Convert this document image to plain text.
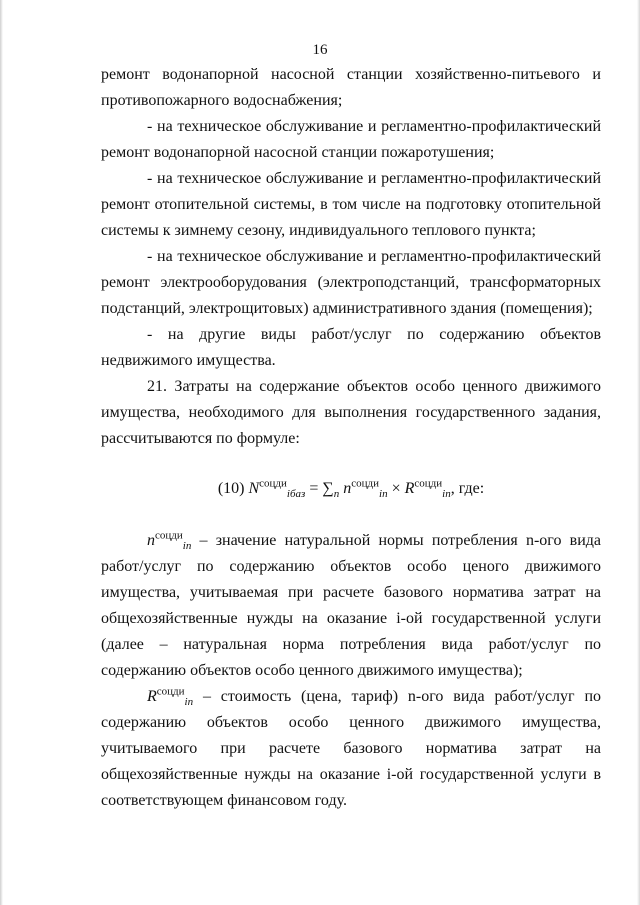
16

ремонт водонапорной насосной станции хозяйственно-питьевого и противопожарного водоснабжения;

- на техническое обслуживание и регламентно-профилактический ремонт водонапорной насосной станции пожаротушения;

- на техническое обслуживание и регламентно-профилактический ремонт отопительной системы, в том числе на подготовку отопительной системы к зимнему сезону, индивидуального теплового пункта;

- на техническое обслуживание и регламентно-профилактический ремонт электрооборудования (электроподстанций, трансформаторных подстанций, электрощитовых) административного здания (помещения);

- на другие виды работ/услуг по содержанию объектов недвижимого имущества.

21. Затраты на содержание объектов особо ценного движимого имущества, необходимого для выполнения государственного задания, рассчитываются по формуле:

(10) $N^{соцди}_{iбаз} = \sum_n$ $n^{соцди}_{in} \times R^{соцди}_{in}$, где:

$n^{соцди}_{in}$ – значение натуральной нормы потребления n-ого вида работ/услуг по содержанию объектов особо ценого движимого имущества, учитываемая при расчете базового норматива затрат на общехозяйственные нужды на оказание i-ой государственной услуги (далее – натуральная норма потребления вида работ/услуг по содержанию объектов особо ценного движимого имущества);

$R^{соцди}_{in}$ – стоимость (цена, тариф) n-ого вида работ/услуг по содержанию объектов особо ценного движимого имущества, учитываемого при расчете базового норматива затрат на общехозяйственные нужды на оказание i-ой государственной услуги в соответствующем финансовом году.
